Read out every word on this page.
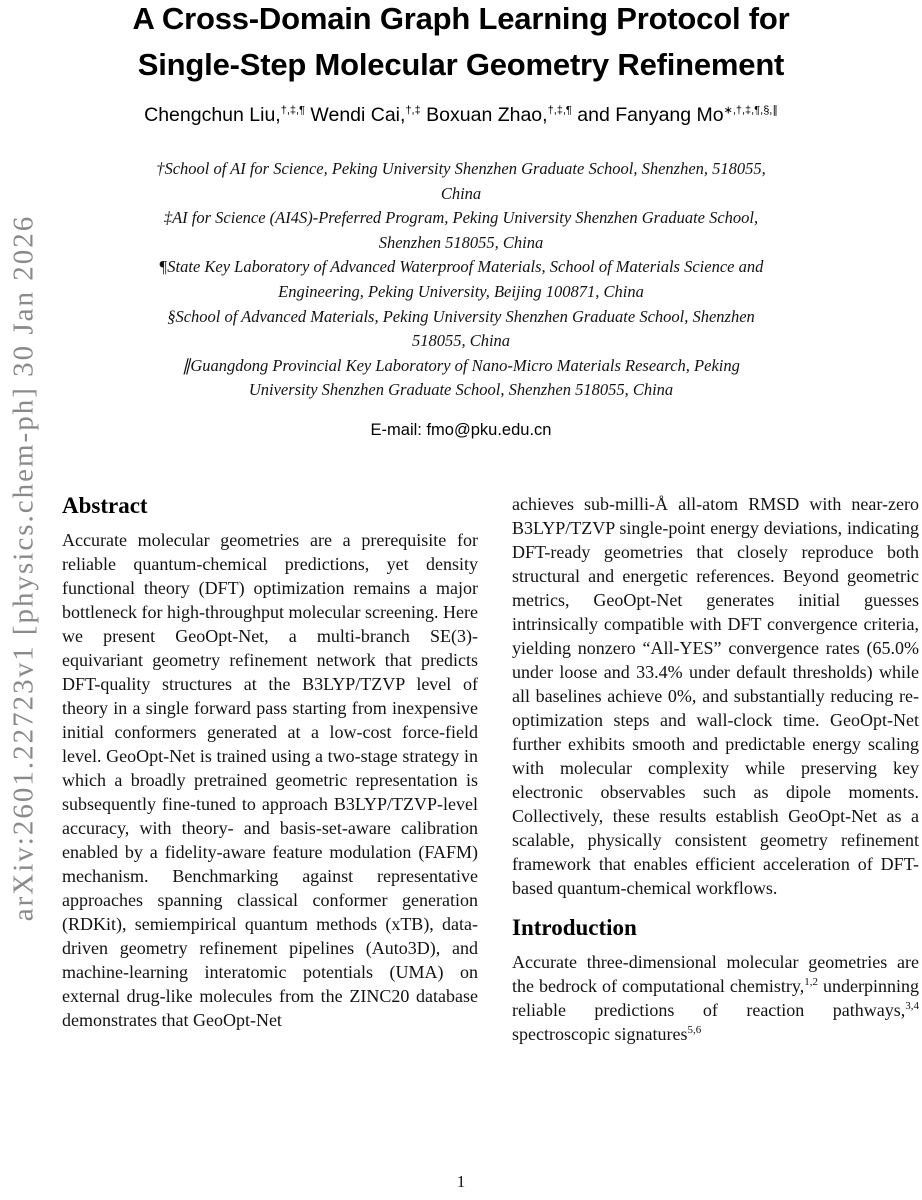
arXiv:2601.22723v1 [physics.chem-ph] 30 Jan 2026
A Cross-Domain Graph Learning Protocol for
Single-Step Molecular Geometry Refinement
Chengchun Liu,†,‡,¶ Wendi Cai,†,‡ Boxuan Zhao,†,‡,¶ and Fanyang Mo∗,†,‡,¶,§,∥
†School of AI for Science, Peking University Shenzhen Graduate School, Shenzhen, 518055,
China
‡AI for Science (AI4S)-Preferred Program, Peking University Shenzhen Graduate School,
Shenzhen 518055, China
¶State Key Laboratory of Advanced Waterproof Materials, School of Materials Science and
Engineering, Peking University, Beijing 100871, China
§School of Advanced Materials, Peking University Shenzhen Graduate School, Shenzhen
518055, China
∥Guangdong Provincial Key Laboratory of Nano-Micro Materials Research, Peking
University Shenzhen Graduate School, Shenzhen 518055, China
E-mail: fmo@pku.edu.cn
Abstract

Accurate molecular geometries are a prerequisite for reliable quantum-chemical predictions, yet density functional theory (DFT) optimization remains a major bottleneck for high-throughput molecular screening. Here we present GeoOpt-Net, a multi-branch SE(3)-equivariant geometry refinement network that predicts DFT-quality structures at the B3LYP/TZVP level of theory in a single forward pass starting from inexpensive initial conformers generated at a low-cost force-field level. GeoOpt-Net is trained using a two-stage strategy in which a broadly pretrained geometric representation is subsequently fine-tuned to approach B3LYP/TZVP-level accuracy, with theory- and basis-set-aware calibration enabled by a fidelity-aware feature modulation (FAFM) mechanism. Benchmarking against representative approaches spanning classical conformer generation (RDKit), semiempirical quantum methods (xTB), data-driven geometry refinement pipelines (Auto3D), and machine-learning interatomic potentials (UMA) on external drug-like molecules from the ZINC20 database demonstrates that GeoOpt-Net

achieves sub-milli-Å all-atom RMSD with near-zero B3LYP/TZVP single-point energy deviations, indicating DFT-ready geometries that closely reproduce both structural and energetic references. Beyond geometric metrics, GeoOpt-Net generates initial guesses intrinsically compatible with DFT convergence criteria, yielding nonzero “All-YES” convergence rates (65.0% under loose and 33.4% under default thresholds) while all baselines achieve 0%, and substantially reducing re-optimization steps and wall-clock time. GeoOpt-Net further exhibits smooth and predictable energy scaling with molecular complexity while preserving key electronic observables such as dipole moments. Collectively, these results establish GeoOpt-Net as a scalable, physically consistent geometry refinement framework that enables efficient acceleration of DFT-based quantum-chemical workflows.

Introduction

Accurate three-dimensional molecular geometries are the bedrock of computational chemistry,$^{1,2}$ underpinning reliable predictions of reaction pathways,$^{3,4}$ spectroscopic signatures$^{5,6}$

1
